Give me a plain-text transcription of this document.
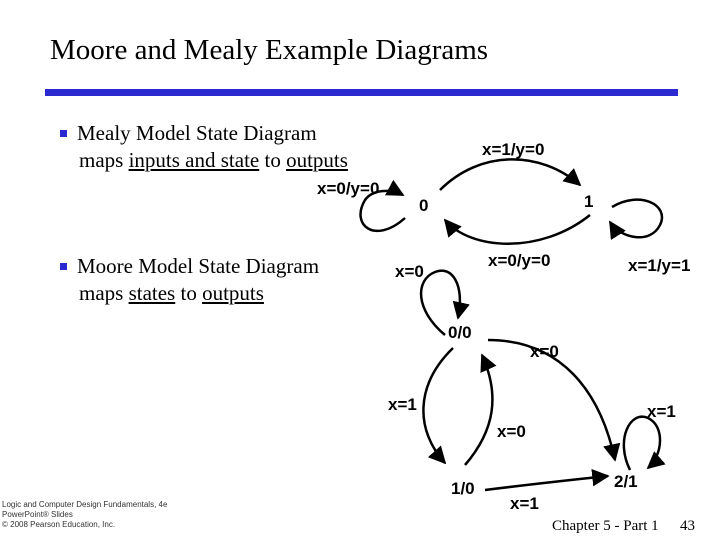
Moore and Mealy Example Diagrams
Mealy Model State Diagram
maps inputs and state to outputs
Moore Model State Diagram
maps states to outputs
0	1
x=1/y=0
x=0/y=0
x=0/y=0	x=1/y=1
0/0
1/0	2/1
x=0
x=0
x=1
x=0
x=1
x=1
Logic and Computer Design Fundamentals, 4e
PowerPoint® Slides
© 2008 Pearson Education, Inc.	Chapter 5 - Part 1 43
